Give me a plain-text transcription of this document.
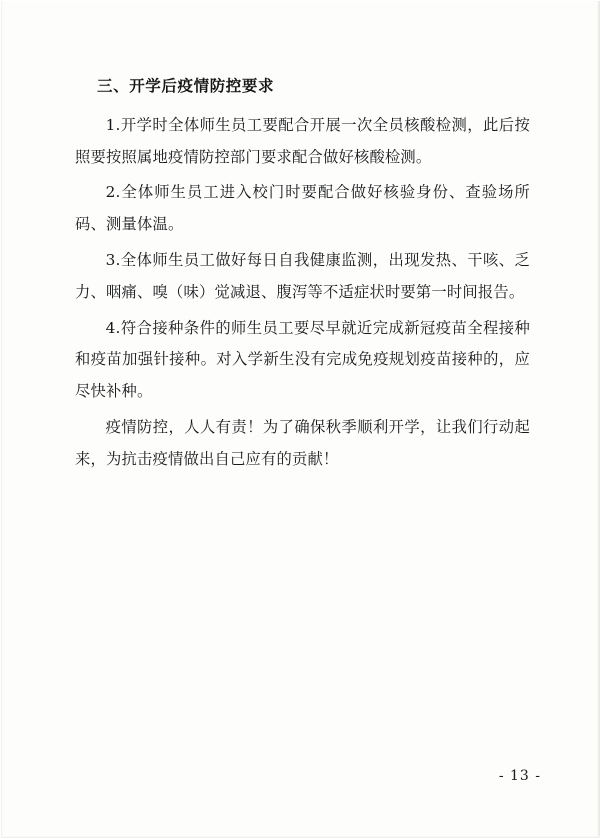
三、开学后疫情防控要求

1.开学时全体师生员工要配合开展一次全员核酸检测，此后按照要按照属地疫情防控部门要求配合做好核酸检测。

2.全体师生员工进入校门时要配合做好核验身份、查验场所码、测量体温。

3.全体师生员工做好每日自我健康监测，出现发热、干咳、乏力、咽痛、嗅（味）觉减退、腹泻等不适症状时要第一时间报告。

4.符合接种条件的师生员工要尽早就近完成新冠疫苗全程接种和疫苗加强针接种。对入学新生没有完成免疫规划疫苗接种的，应尽快补种。

疫情防控，人人有责！为了确保秋季顺利开学，让我们行动起来，为抗击疫情做出自己应有的贡献！

- 13 -
